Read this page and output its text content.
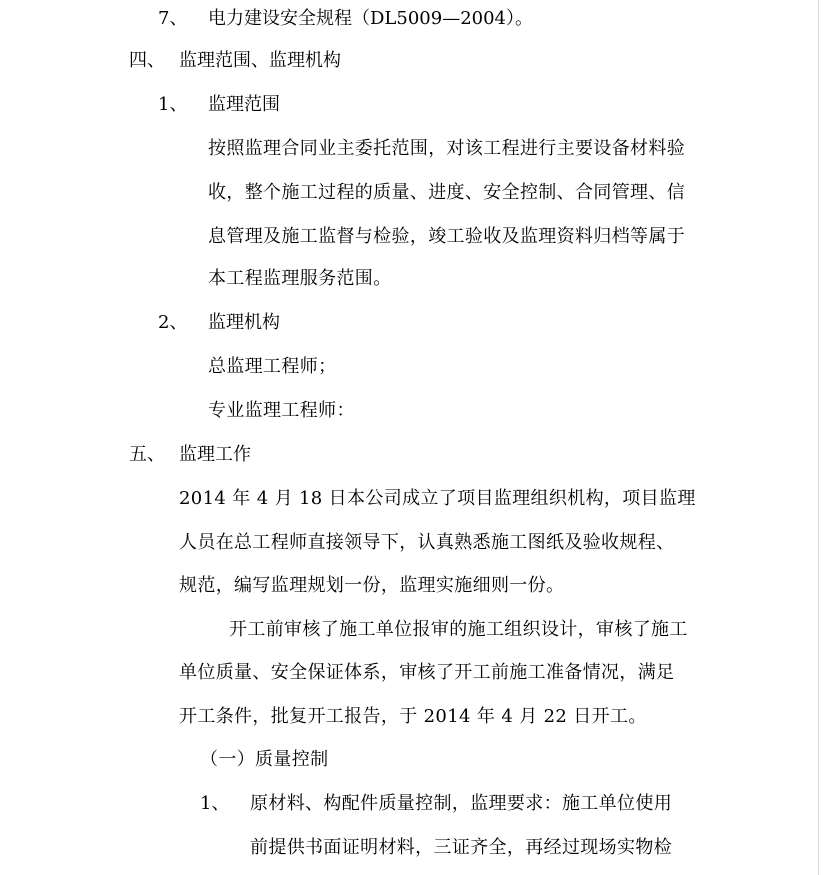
7、 电力建设安全规程（DL5009—2004）。
四、 监理范围、监理机构
1、 监理范围
按照监理合同业主委托范围，对该工程进行主要设备材料验
收，整个施工过程的质量、进度、安全控制、合同管理、信
息管理及施工监督与检验，竣工验收及监理资料归档等属于
本工程监理服务范围。
2、 监理机构
总监理工程师；
专业监理工程师：
五、 监理工作
2014 年 4 月 18 日本公司成立了项目监理组织机构，项目监理
人员在总工程师直接领导下，认真熟悉施工图纸及验收规程、
规范，编写监理规划一份，监理实施细则一份。
开工前审核了施工单位报审的施工组织设计，审核了施工
单位质量、安全保证体系，审核了开工前施工准备情况，满足
开工条件，批复开工报告，于 2014 年 4 月 22 日开工。
（一）质量控制
1、 原材料、构配件质量控制，监理要求：施工单位使用
前提供书面证明材料，三证齐全，再经过现场实物检
